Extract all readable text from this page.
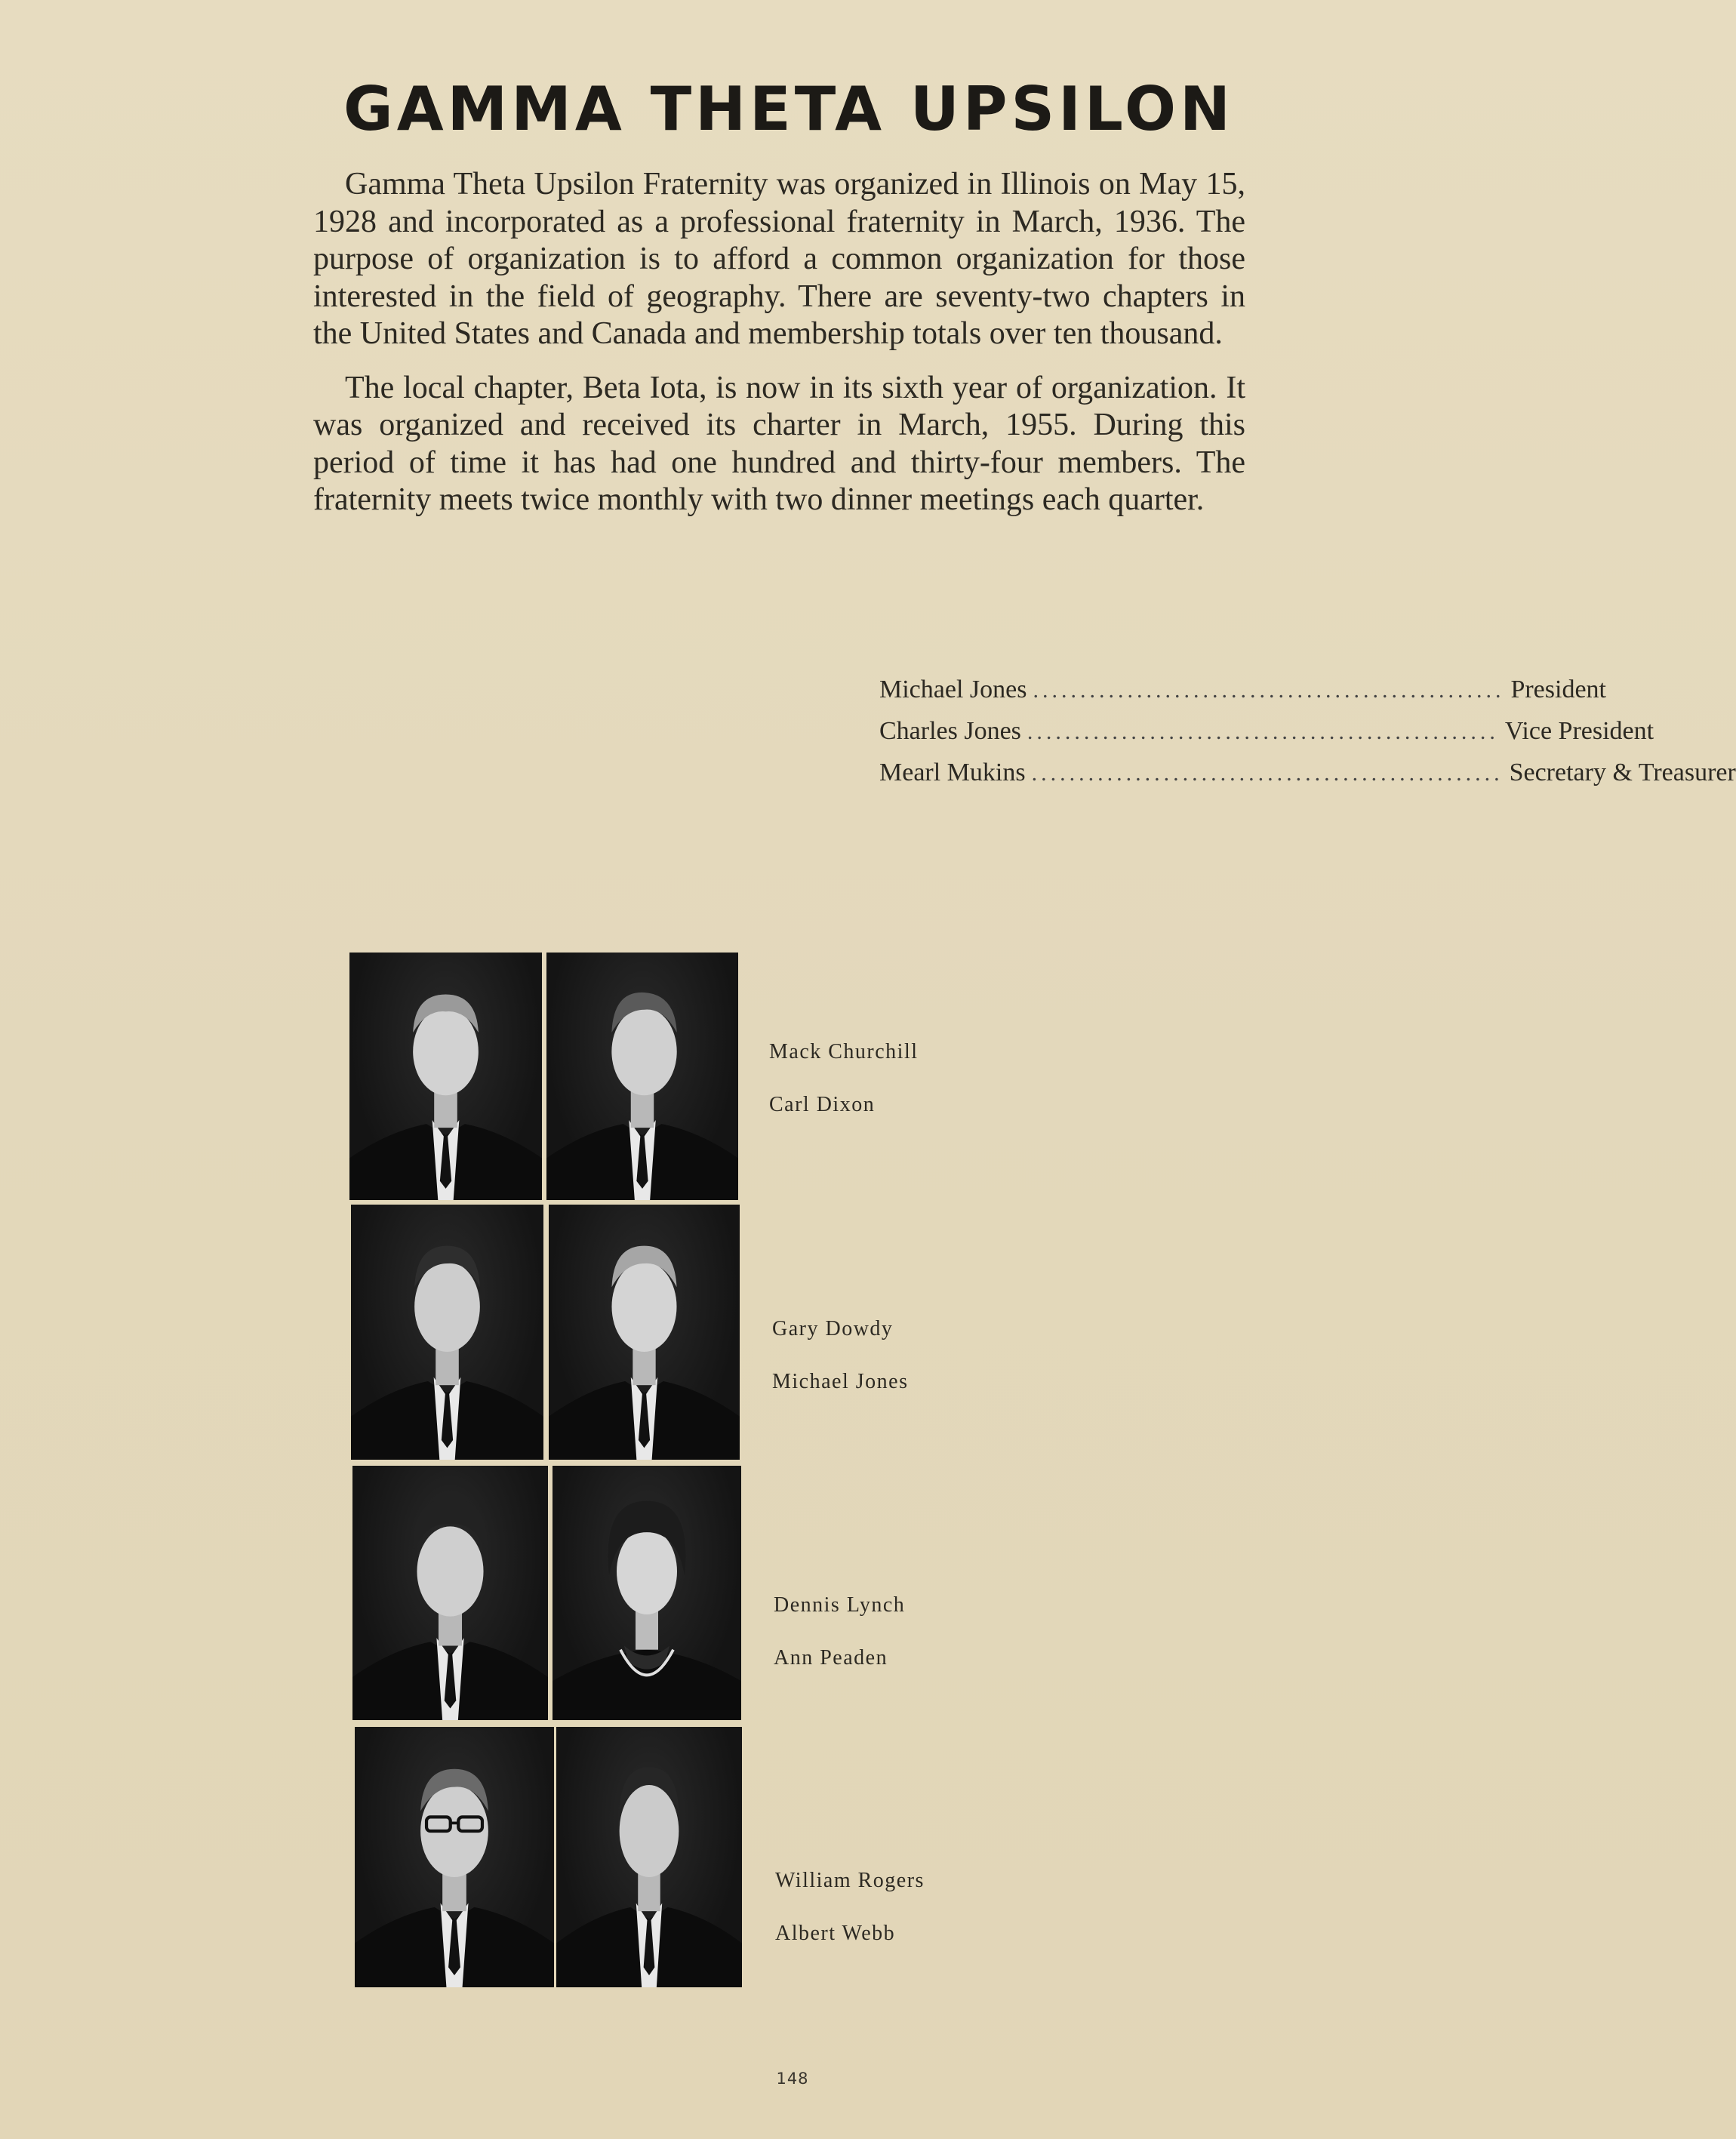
GAMMA THETA UPSILON

Gamma Theta Upsilon Fraternity was organized in Illinois on May 15, 1928 and incorporated as a professional fraternity in March, 1936. The purpose of organization is to afford a common organization for those interested in the field of geography. There are seventy-two chapters in the United States and Canada and membership totals over ten thousand.

The local chapter, Beta Iota, is now in its sixth year of organization. It was organized and received its charter in March, 1955. During this period of time it has had one hundred and thirty-four members. The fraternity meets twice monthly with two dinner meetings each quarter.

Michael Jones .................................................. President
Charles Jones .................................................. Vice President
Mearl Mukins .................................................. Secretary & Treasurer
Mack Churchill
Carl Dixon
Gary Dowdy
Michael Jones
Dennis Lynch
Ann Peaden
William Rogers
Albert Webb
148
